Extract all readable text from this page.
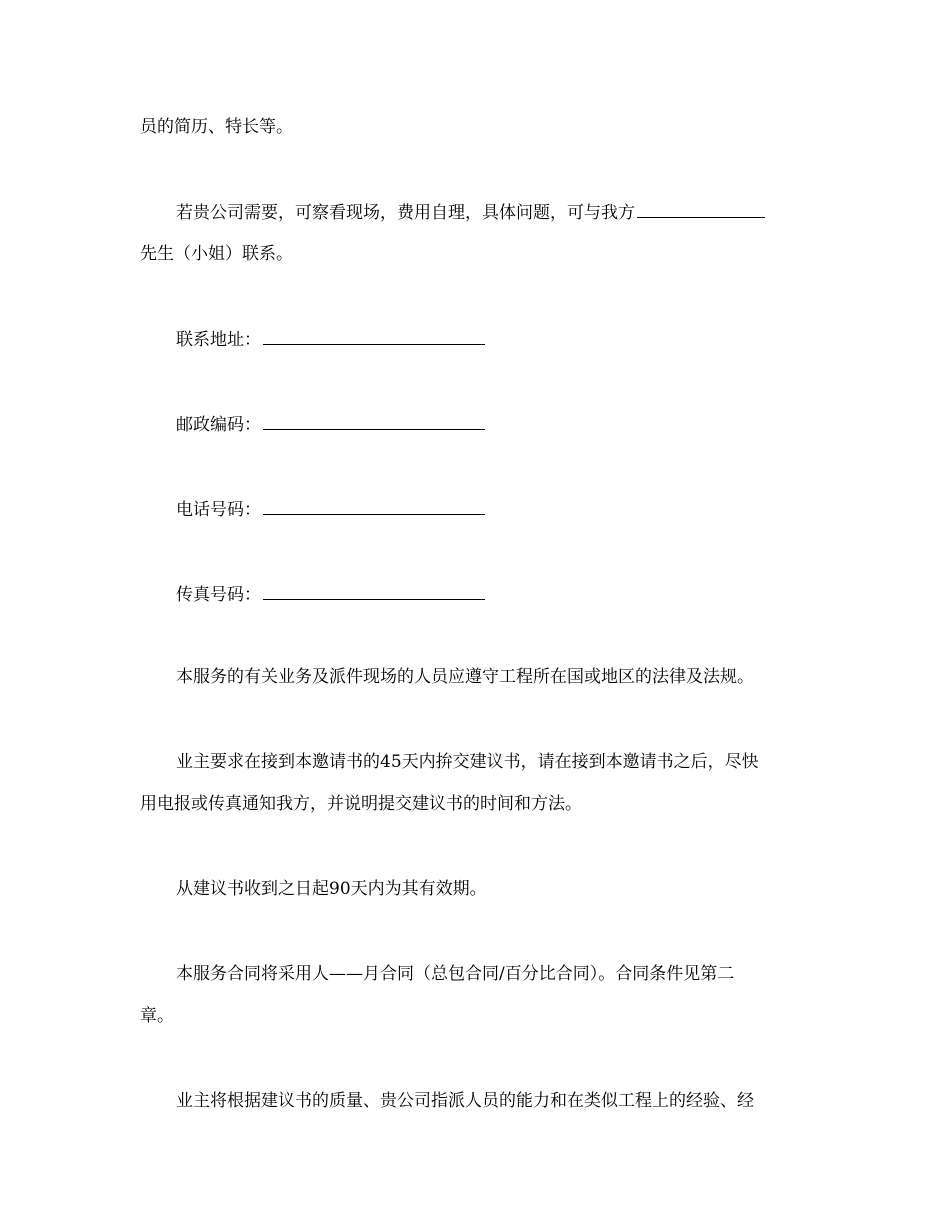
员的简历、特长等。
若贵公司需要，可察看现场，费用自理，具体问题，可与我方
先生（小姐）联系。
联系地址：
邮政编码：
电话号码：
传真号码：
本服务的有关业务及派件现场的人员应遵守工程所在国或地区的法律及法规。
业主要求在接到本邀请书的45天内拚交建议书，请在接到本邀请书之后，尽快
用电报或传真通知我方，并说明提交建议书的时间和方法。
从建议书收到之日起90天内为其有效期。
本服务合同将采用人——月合同（总包合同/百分比合同）。合同条件见第二
章。
业主将根据建议书的质量、贵公司指派人员的能力和在类似工程上的经验、经
